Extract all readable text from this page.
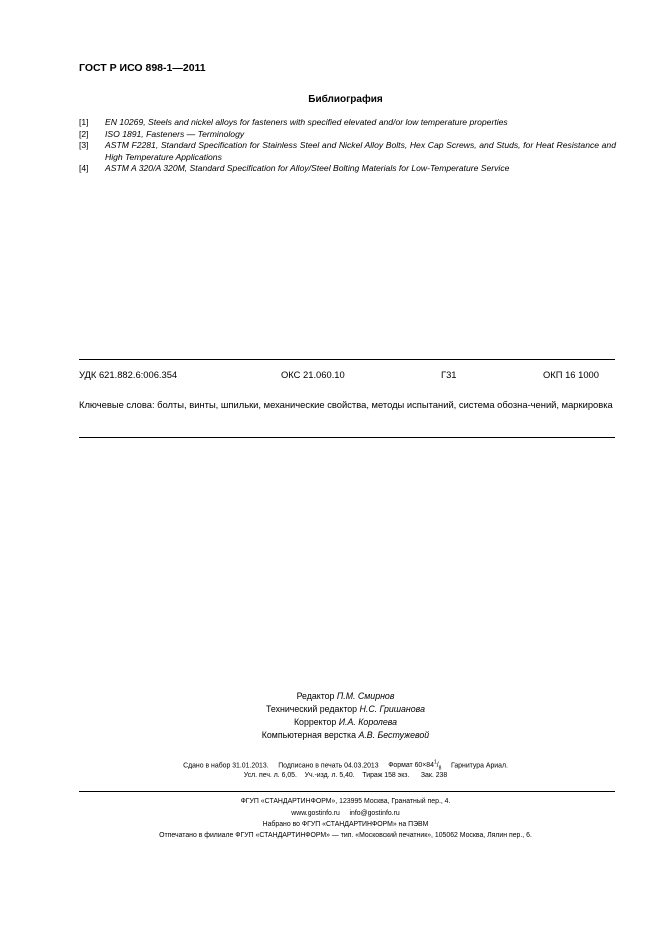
ГОСТ Р ИСО 898-1—2011
Библиография
[1]	EN 10269, Steels and nickel alloys for fasteners with specified elevated and/or low temperature properties
[2]	ISO 1891, Fasteners — Terminology
[3]	ASTM F2281, Standard Specification for Stainless Steel and Nickel Alloy Bolts, Hex Cap Screws, and Studs, for Heat Resistance and High Temperature Applications
[4]	ASTM A 320/A 320M, Standard Specification for Alloy/Steel Bolting Materials for Low-Temperature Service
УДК 621.882.6:006.354	ОКС 21.060.10	Г31	ОКП 16 1000
Ключевые слова: болты, винты, шпильки, механические свойства, методы испытаний, система обозна-чений, маркировка
Редактор П.М. Смирнов
Технический редактор Н.С. Гришанова
Корректор И.А. Королева
Компьютерная верстка А.В. Бестужевой
Сдано в набор 31.01.2013. Подписано в печать 04.03.2013 Формат $60\times 84^1/_8$ Гарнитура Ариал.
Усл. печ. л. 6,05. Уч.-изд. л. 5,40. Тираж 158 экз. Зак. 238
ФГУП «СТАНДАРТИНФОРМ», 123995 Москва, Гранатный пер., 4.
www.gostinfo.ru info@gostinfo.ru
Набрано во ФГУП «СТАНДАРТИНФОРМ» на ПЭВМ
Отпечатано в филиале ФГУП «СТАНДАРТИНФОРМ» — тип. «Московский печатник», 105062 Москва, Лялин пер., 6.
